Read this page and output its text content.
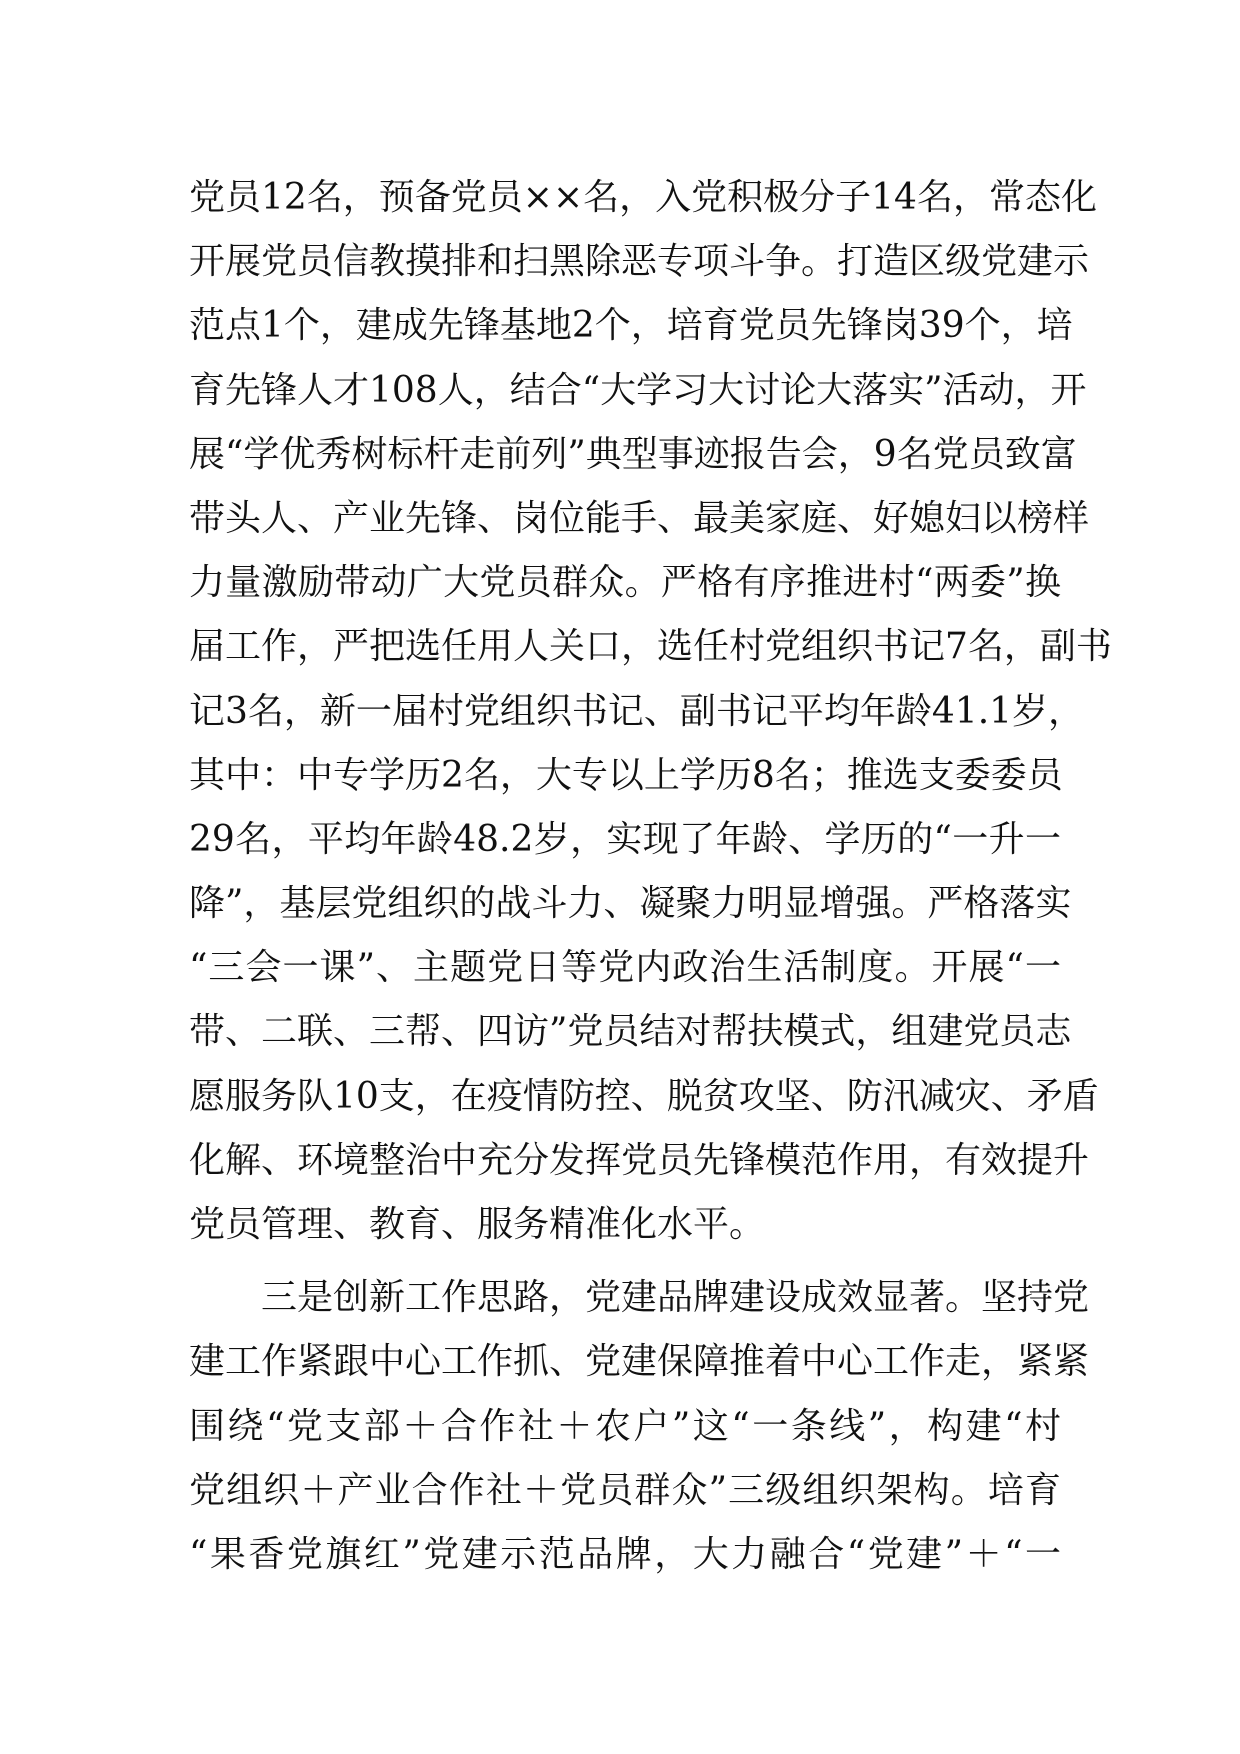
党员12名，预备党员××名，入党积极分子14名，常态化
开展党员信教摸排和扫黑除恶专项斗争。打造区级党建示
范点1个，建成先锋基地2个，培育党员先锋岗39个，培
育先锋人才108人，结合“大学习大讨论大落实”活动，开
展“学优秀树标杆走前列”典型事迹报告会，9名党员致富
带头人、产业先锋、岗位能手、最美家庭、好媳妇以榜样
力量激励带动广大党员群众。严格有序推进村“两委”换
届工作，严把选任用人关口，选任村党组织书记7名，副书
记3名，新一届村党组织书记、副书记平均年龄41.1岁，
其中：中专学历2名，大专以上学历8名；推选支委委员
29名，平均年龄48.2岁，实现了年龄、学历的“一升一
降”，基层党组织的战斗力、凝聚力明显增强。严格落实
“三会一课”、主题党日等党内政治生活制度。开展“一
带、二联、三帮、四访”党员结对帮扶模式，组建党员志
愿服务队10支，在疫情防控、脱贫攻坚、防汛减灾、矛盾
化解、环境整治中充分发挥党员先锋模范作用，有效提升
党员管理、教育、服务精准化水平。
三是创新工作思路，党建品牌建设成效显著。坚持党
建工作紧跟中心工作抓、党建保障推着中心工作走，紧紧
围绕“党支部＋合作社＋农户”这“一条线”，构建“村
党组织＋产业合作社＋党员群众”三级组织架构。培育
“果香党旗红”党建示范品牌，大力融合“党建”＋“一
